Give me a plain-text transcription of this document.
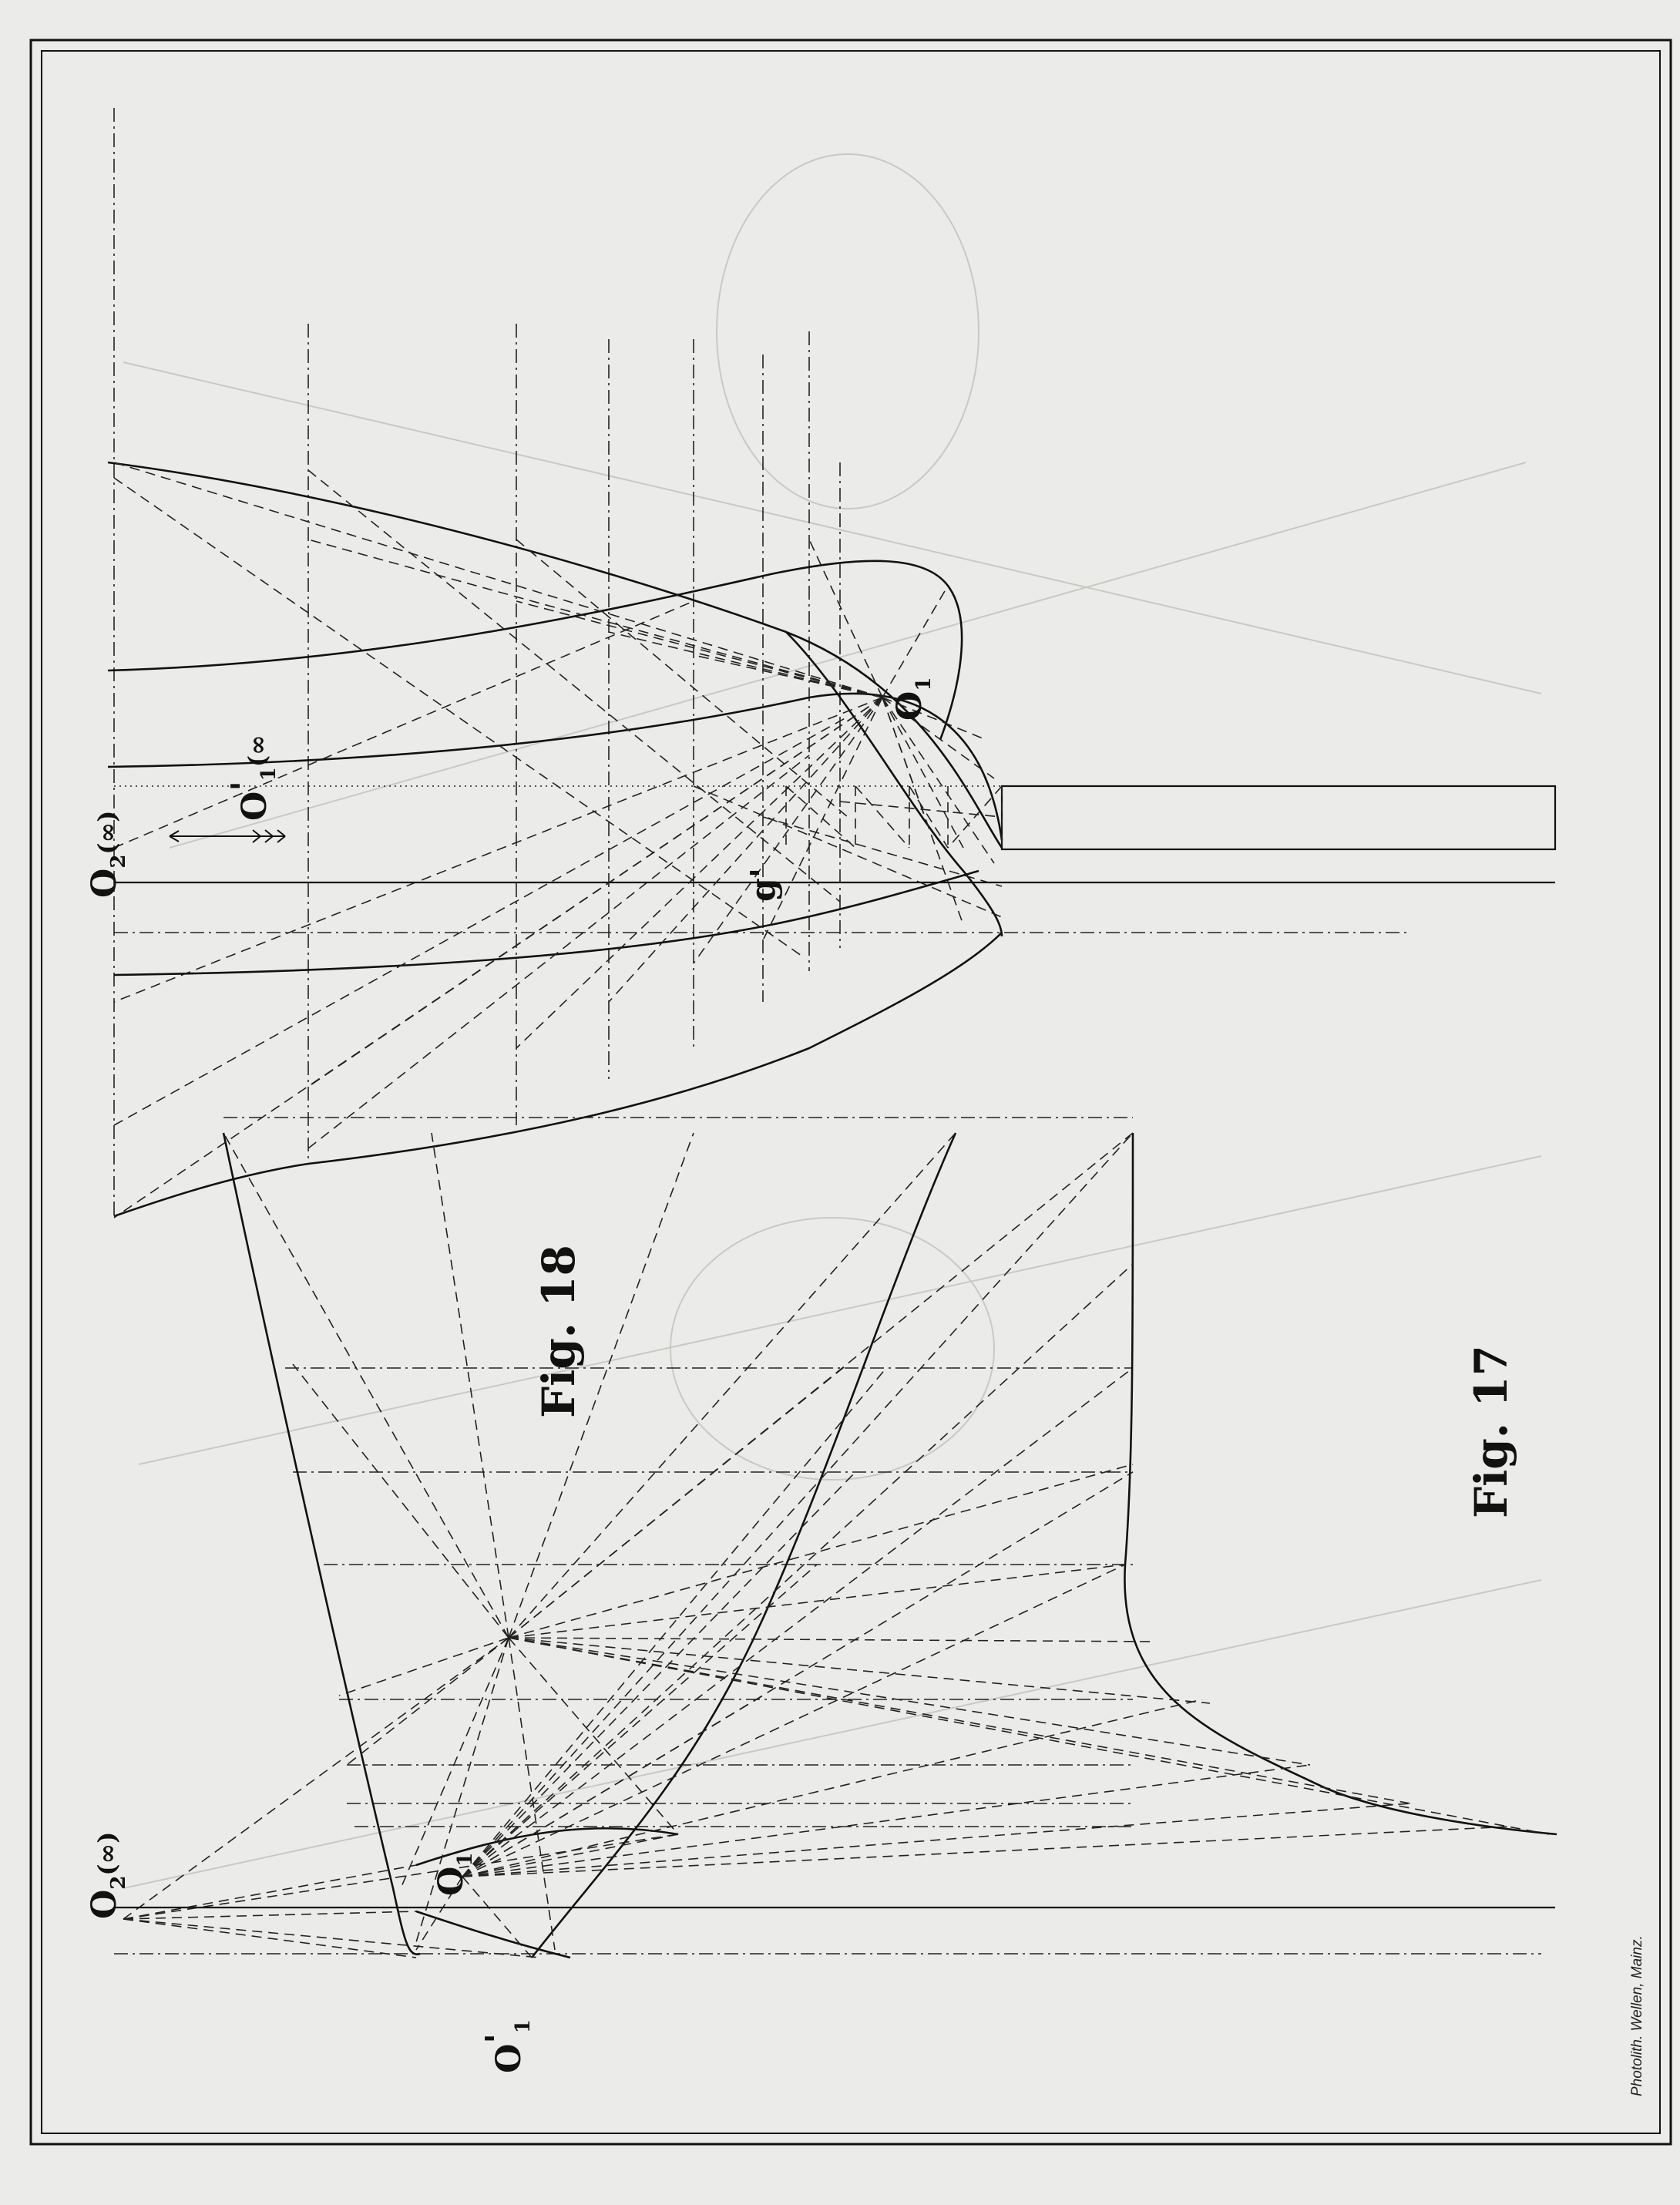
$O_2^{(\infty)}$
g'
$O_1$
$O'_1^{(\infty}$
Fig. 18
Photolith. Wellen, Mainz.
$O_2^{(\infty)}$
$O'_1$
$O_1$
Fig. 17
